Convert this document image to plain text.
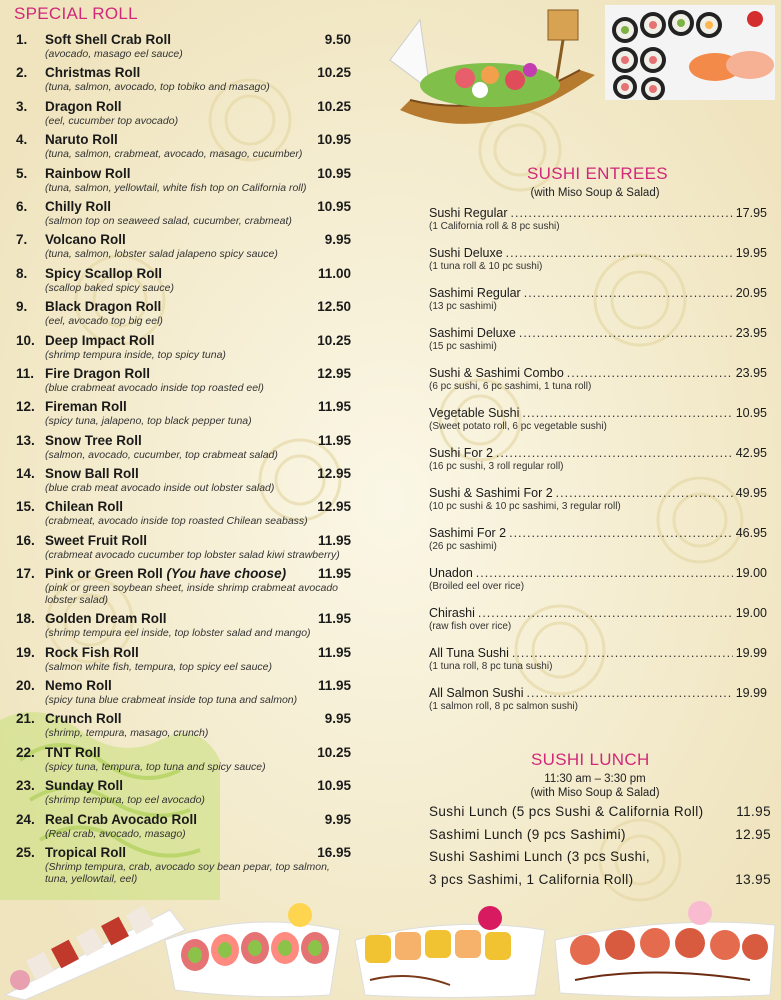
SPECIAL ROLL
1. Soft Shell Crab Roll	9.50
(avocado, masago eel sauce)
2. Christmas Roll	10.25
(tuna, salmon, avocado, top tobiko and masago)
3. Dragon Roll	10.25
(eel, cucumber top avocado)
4. Naruto Roll	10.95
(tuna, salmon, crabmeat, avocado, masago, cucumber)
5. Rainbow Roll	10.95
(tuna, salmon, yellowtail, white fish top on California roll)
6. Chilly Roll	10.95
(salmon top on seaweed salad, cucumber, crabmeat)
7. Volcano Roll	9.95
(tuna, salmon, lobster salad jalapeno spicy sauce)
8. Spicy Scallop Roll	11.00
(scallop baked spicy sauce)
9. Black Dragon Roll	12.50
(eel, avocado top big eel)
10. Deep Impact Roll	10.25
(shrimp tempura inside, top spicy tuna)
11. Fire Dragon Roll	12.95
(blue crabmeat avocado inside top roasted eel)
12. Fireman Roll	11.95
(spicy tuna, jalapeno, top black pepper tuna)
13. Snow Tree Roll	11.95
(salmon, avocado, cucumber, top crabmeat salad)
14. Snow Ball Roll	12.95
(blue crab meat avocado inside out lobster salad)
15. Chilean Roll	12.95
(crabmeat, avocado inside top roasted Chilean seabass)
16. Sweet Fruit Roll	11.95
(crabmeat avocado cucumber top lobster salad kiwi strawberry)
17. Pink or Green Roll (You have choose) 11.95
(pink or green soybean sheet, inside shrimp crabmeat avocado lobster salad)
18. Golden Dream Roll	11.95
(shrimp tempura eel inside, top lobster salad and mango)
19. Rock Fish Roll	11.95
(salmon white fish, tempura, top spicy eel sauce)
20. Nemo Roll	11.95
(spicy tuna blue crabmeat inside top tuna and salmon)
21. Crunch Roll	9.95
(shrimp, tempura, masago, crunch)
22. TNT Roll	10.25
(spicy tuna, tempura, top tuna and spicy sauce)
23. Sunday Roll	10.95
(shrimp tempura, top eel avocado)
24. Real Crab Avocado Roll	9.95
(Real crab, avocado, masago)
25. Tropical Roll	16.95
(Shrimp tempura, crab, avocado soy bean pepar, top salmon, tuna, yellowtail, eel)
SUSHI ENTREES
(with Miso Soup & Salad)
Sushi Regular .....	17.95
(1 California roll & 8 pc sushi)
Sushi Deluxe .....	19.95
(1 tuna roll & 10 pc sushi)
Sashimi Regular .....	20.95
(13 pc sashimi)
Sashimi Deluxe .....	23.95
(15 pc sashimi)
Sushi & Sashimi Combo .....	23.95
(6 pc sushi, 6 pc sashimi, 1 tuna roll)
Vegetable Sushi .....	10.95
(Sweet potato roll, 6 pc vegetable sushi)
Sushi For 2 .....	42.95
(16 pc sushi, 3 roll regular roll)
Sushi & Sashimi For 2 .....	49.95
(10 pc sushi & 10 pc sashimi, 3 regular roll)
Sashimi For 2 .....	46.95
(26 pc sashimi)
Unadon .....	19.00
(Broiled eel over rice)
Chirashi .....	19.00
(raw fish over rice)
All Tuna Sushi .....	19.99
(1 tuna roll, 8 pc tuna sushi)
All Salmon Sushi .....	19.99
(1 salmon roll, 8 pc salmon sushi)
SUSHI LUNCH
11:30 am – 3:30 pm
(with Miso Soup & Salad)
Sushi Lunch (5 pcs Sushi & California Roll) 11.95
Sashimi Lunch (9 pcs Sashimi)	12.95
Sushi Sashimi Lunch (3 pcs Sushi,
3 pcs Sashimi, 1 California Roll)	13.95
